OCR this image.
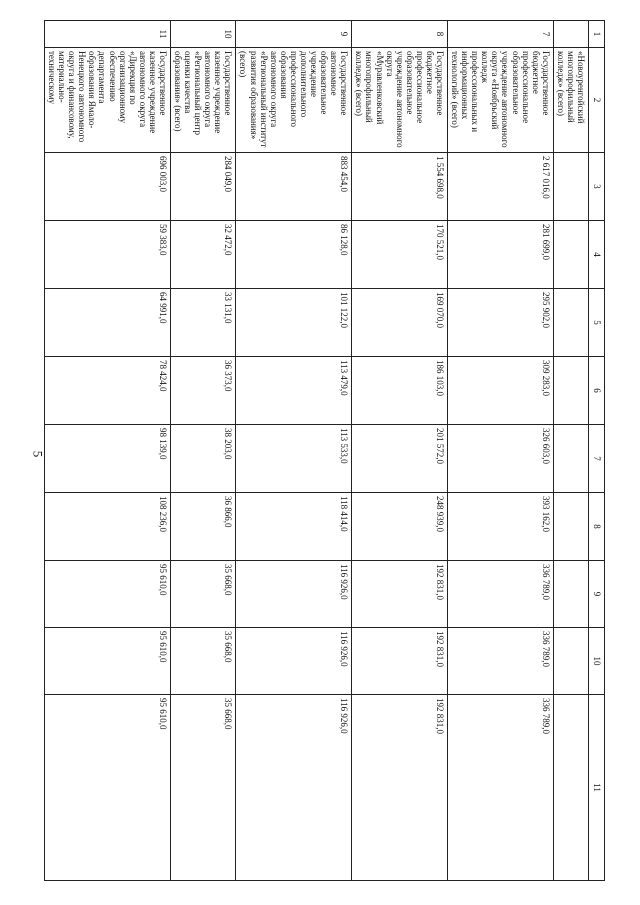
5
1	2	3	4	5	6	7	8	9	10	11
	«Новоуренгойский многопрофильный колледж» (всего)									
7	Государственное бюджетное профессиональное образовательное учреждение автономного округа «Ноябрьский колледж профессиональных и информационных технологий» (всего)	2 617 016,0	281 699,0	295 902,0	309 283,0	326 603,0	393 162,0	336 789,0	336 789,0	336 789,0
8	Государственное бюджетное профессиональное образовательное учреждение автономного округа «Муравленковский многопрофильный колледж» (всего)	1 554 698,0	170 521,0	169 070,0	186 103,0	201 572,0	248 939,0	192 831,0	192 831,0	192 831,0
9	Государственное автономное образовательное учреждение дополнительного профессионального образования автономного округа «Региональный институт развития образования» (всего)	883 454,0	86 128,0	101 122,0	113 479,0	113 533,0	118 414,0	116 926,0	116 926,0	116 926,0
10	Государственное казенное учреждение автономного округа «Региональный центр оценки качества образования» (всего)	284 049,0	32 472,0	33 131,0	36 373,0	38 203,0	36 866,0	35 668,0	35 668,0	35 668,0
11	Государственное казенное учреждение автономного округа «Дирекция по организационному обеспечению департамента образования Ямало-Ненецкого автономного округа и финансовому, материально-техническому	696 003,0	59 383,0	64 991,0	78 424,0	98 139,0	108 236,0	95 610,0	95 610,0	95 610,0
